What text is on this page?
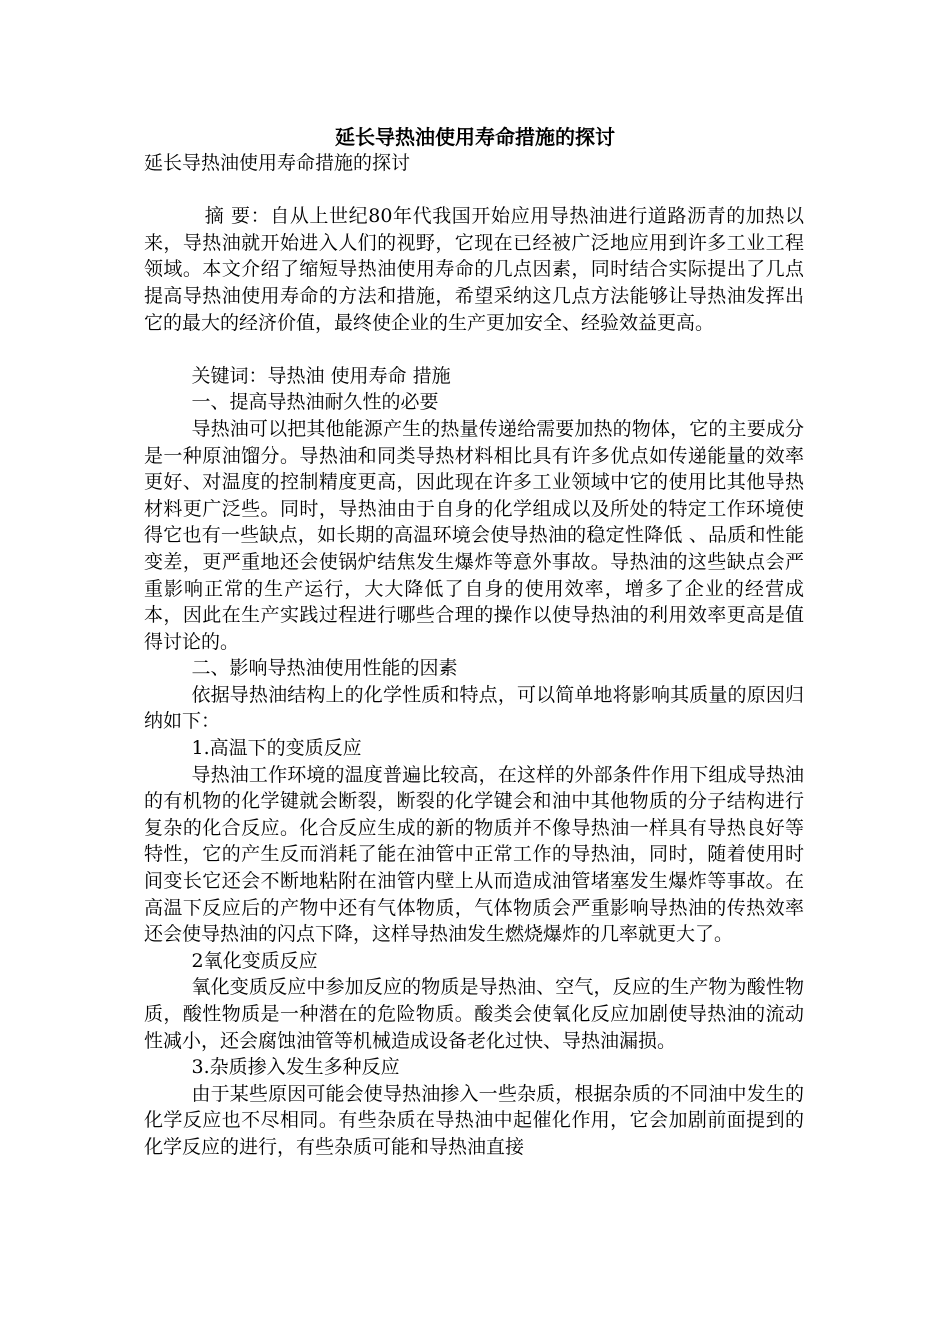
延长导热油使用寿命措施的探讨

延长导热油使用寿命措施的探讨

摘 要：自从上世纪80年代我国开始应用导热油进行道路沥青的加热以来，导热油就开始进入人们的视野，它现在已经被广泛地应用到许多工业工程领域。本文介绍了缩短导热油使用寿命的几点因素，同时结合实际提出了几点提高导热油使用寿命的方法和措施，希望采纳这几点方法能够让导热油发挥出它的最大的经济价值，最终使企业的生产更加安全、经验效益更高。

关键词：导热油 使用寿命 措施

一、提高导热油耐久性的必要

导热油可以把其他能源产生的热量传递给需要加热的物体，它的主要成分是一种原油馏分。导热油和同类导热材料相比具有许多优点如传递能量的效率更好、对温度的控制精度更高，因此现在许多工业领域中它的使用比其他导热材料更广泛些。同时，导热油由于自身的化学组成以及所处的特定工作环境使得它也有一些缺点，如长期的高温环境会使导热油的稳定性降低 、品质和性能变差，更严重地还会使锅炉结焦发生爆炸等意外事故。导热油的这些缺点会严重影响正常的生产运行，大大降低了自身的使用效率，增多了企业的经营成本，因此在生产实践过程进行哪些合理的操作以使导热油的利用效率更高是值得讨论的。

二、影响导热油使用性能的因素

依据导热油结构上的化学性质和特点，可以简单地将影响其质量的原因归纳如下：

1.高温下的变质反应

导热油工作环境的温度普遍比较高，在这样的外部条件作用下组成导热油的有机物的化学键就会断裂，断裂的化学键会和油中其他物质的分子结构进行复杂的化合反应。化合反应生成的新的物质并不像导热油一样具有导热良好等特性，它的产生反而消耗了能在油管中正常工作的导热油，同时，随着使用时间变长它还会不断地粘附在油管内壁上从而造成油管堵塞发生爆炸等事故。在高温下反应后的产物中还有气体物质，气体物质会严重影响导热油的传热效率还会使导热油的闪点下降，这样导热油发生燃烧爆炸的几率就更大了。

2氧化变质反应

氧化变质反应中参加反应的物质是导热油、空气，反应的生产物为酸性物质，酸性物质是一种潜在的危险物质。酸类会使氧化反应加剧使导热油的流动性减小，还会腐蚀油管等机械造成设备老化过快、导热油漏损。

3.杂质掺入发生多种反应

由于某些原因可能会使导热油掺入一些杂质，根据杂质的不同油中发生的化学反应也不尽相同。有些杂质在导热油中起催化作用，它会加剧前面提到的化学反应的进行，有些杂质可能和导热油直接
